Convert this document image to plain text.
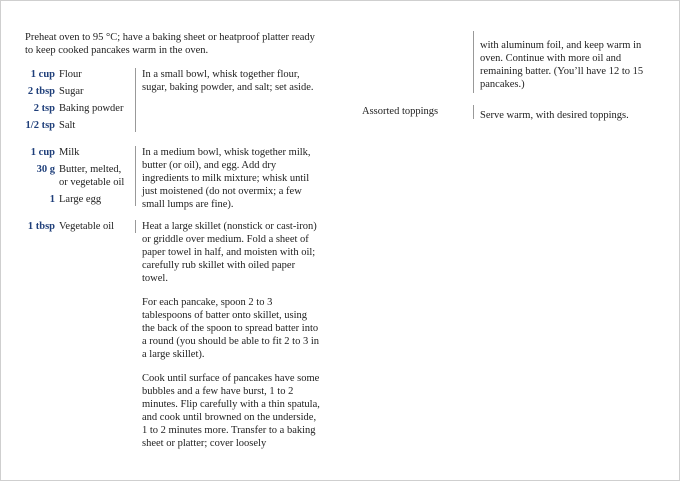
Preheat oven to 95 °C; have a baking sheet or heatproof platter ready to keep cooked pancakes warm in the oven.

1 cup Flour
2 tbsp Sugar
2 tsp Baking powder
1/2 tsp Salt

In a small bowl, whisk together flour, sugar, baking powder, and salt; set aside.

1 cup Milk
30 g Butter, melted, or vegetable oil
1 Large egg

In a medium bowl, whisk together milk, butter (or oil), and egg. Add dry ingredients to milk mixture; whisk until just moistened (do not overmix; a few small lumps are fine).

1 tbsp Vegetable oil	Heat a large skillet (nonstick or cast-iron) or griddle over medium. Fold a sheet of paper towel in half, and moisten with oil; carefully rub skillet with oiled paper towel.

For each pancake, spoon 2 to 3 tablespoons of batter onto skillet, using the back of the spoon to spread batter into a round (you should be able to fit 2 to 3 in a large skillet).

Cook until surface of pancakes have some bubbles and a few have burst, 1 to 2 minutes. Flip carefully with a thin spatula, and cook until browned on the underside, 1 to 2 minutes more. Transfer to a baking sheet or platter; cover loosely

with aluminum foil, and keep warm in oven. Continue with more oil and remaining batter. (You’ll have 12 to 15 pancakes.)

Assorted toppings	Serve warm, with desired toppings.
